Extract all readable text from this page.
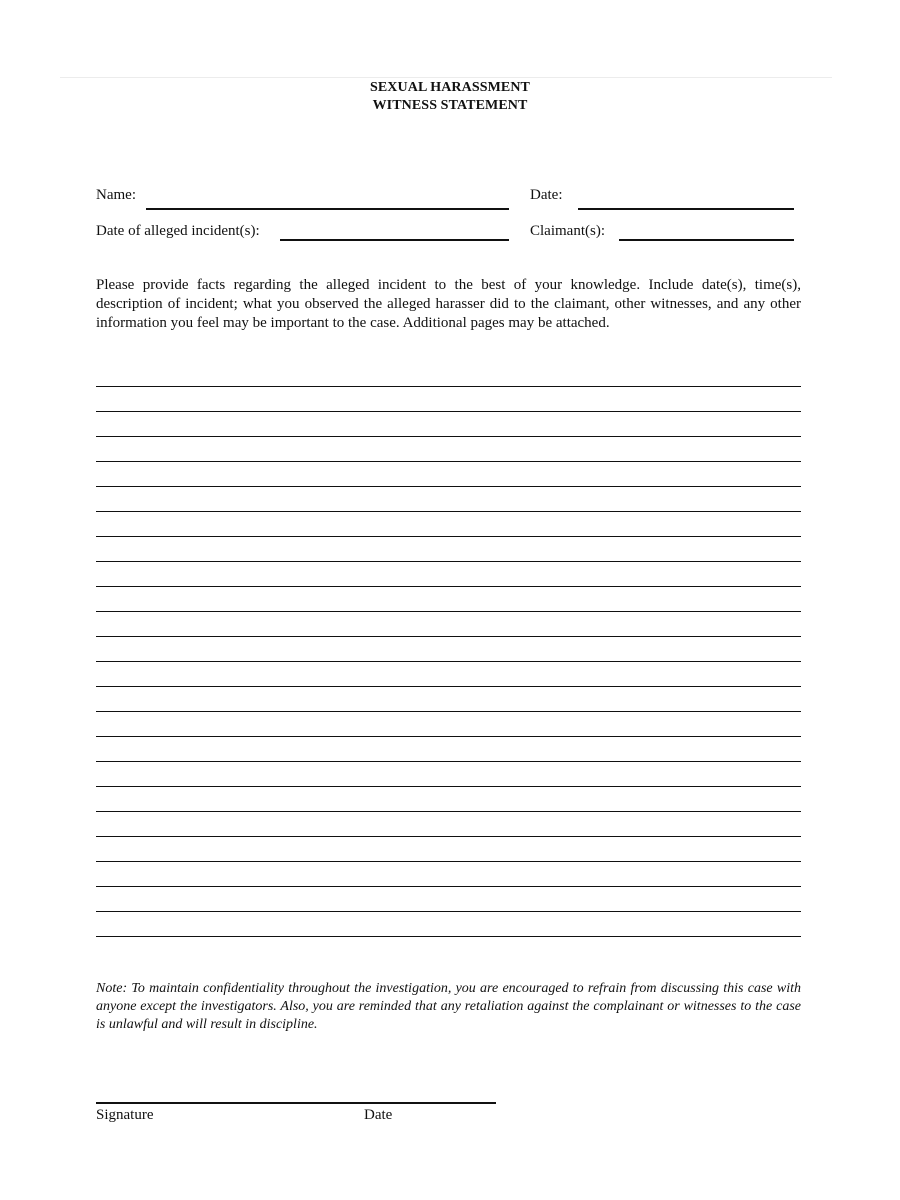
SEXUAL HARASSMENT
WITNESS STATEMENT
Name:	Date:
Date of alleged incident(s):	Claimant(s):
Please provide facts regarding the alleged incident to the best of your knowledge. Include date(s), time(s), description of incident; what you observed the alleged harasser did to the claimant, other witnesses, and any other information you feel may be important to the case. Additional pages may be attached.
Note: To maintain confidentiality throughout the investigation, you are encouraged to refrain from discussing this case with anyone except the investigators. Also, you are reminded that any retaliation against the complainant or witnesses to the case is unlawful and will result in discipline.
Signature	Date
